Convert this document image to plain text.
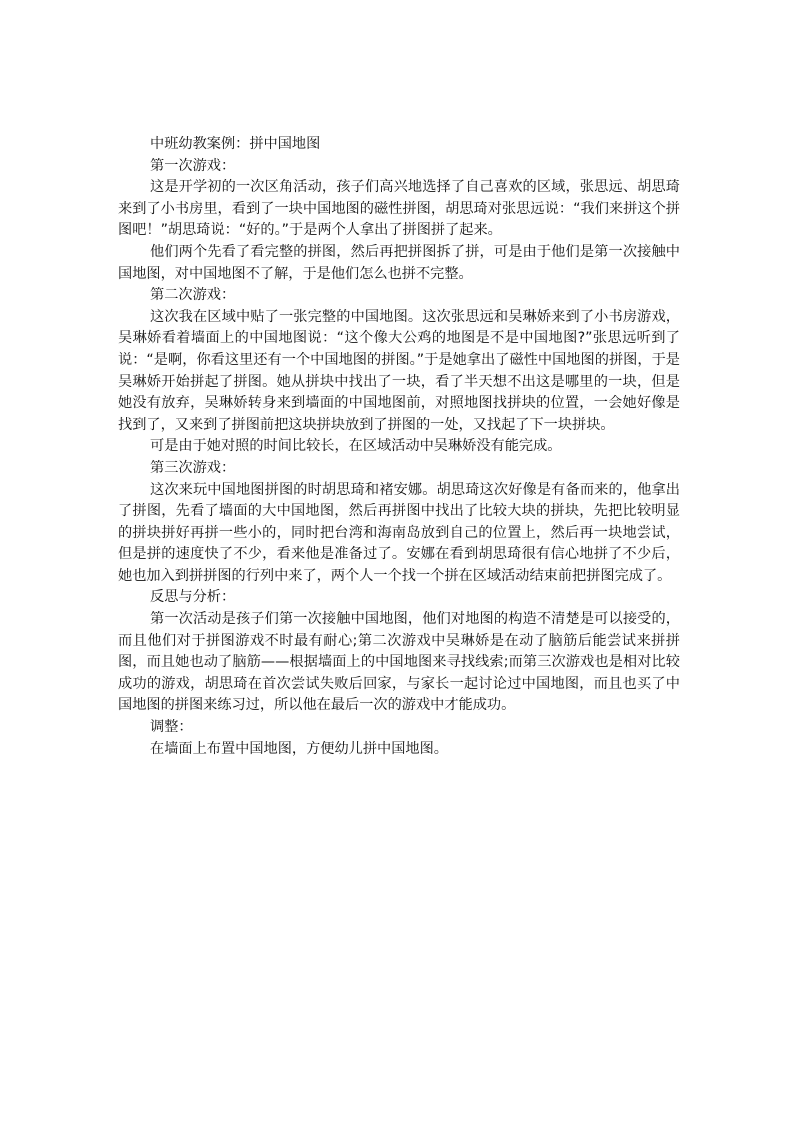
中班幼教案例：拼中国地图

第一次游戏：

这是开学初的一次区角活动，孩子们高兴地选择了自己喜欢的区域，张思远、胡思琦来到了小书房里，看到了一块中国地图的磁性拼图，胡思琦对张思远说：“我们来拼这个拼图吧！”胡思琦说：“好的。”于是两个人拿出了拼图拼了起来。

他们两个先看了看完整的拼图，然后再把拼图拆了拼，可是由于他们是第一次接触中国地图，对中国地图不了解，于是他们怎么也拼不完整。

第二次游戏：

这次我在区域中贴了一张完整的中国地图。这次张思远和吴琳娇来到了小书房游戏，吴琳娇看着墙面上的中国地图说：“这个像大公鸡的地图是不是中国地图?”张思远听到了说：“是啊，你看这里还有一个中国地图的拼图。”于是她拿出了磁性中国地图的拼图，于是吴琳娇开始拼起了拼图。她从拼块中找出了一块，看了半天想不出这是哪里的一块，但是她没有放弃，吴琳娇转身来到墙面的中国地图前，对照地图找拼块的位置，一会她好像是找到了，又来到了拼图前把这块拼块放到了拼图的一处，又找起了下一块拼块。

可是由于她对照的时间比较长，在区域活动中吴琳娇没有能完成。

第三次游戏：

这次来玩中国地图拼图的时胡思琦和褚安娜。胡思琦这次好像是有备而来的，他拿出了拼图，先看了墙面的大中国地图，然后再拼图中找出了比较大块的拼块，先把比较明显的拼块拼好再拼一些小的，同时把台湾和海南岛放到自己的位置上，然后再一块地尝试，但是拼的速度快了不少，看来他是准备过了。安娜在看到胡思琦很有信心地拼了不少后，她也加入到拼拼图的行列中来了，两个人一个找一个拼在区域活动结束前把拼图完成了。

反思与分析：

第一次活动是孩子们第一次接触中国地图，他们对地图的构造不清楚是可以接受的，而且他们对于拼图游戏不时最有耐心;第二次游戏中吴琳娇是在动了脑筋后能尝试来拼拼图，而且她也动了脑筋——根据墙面上的中国地图来寻找线索;而第三次游戏也是相对比较成功的游戏，胡思琦在首次尝试失败后回家，与家长一起讨论过中国地图，而且也买了中国地图的拼图来练习过，所以他在最后一次的游戏中才能成功。

调整：

在墙面上布置中国地图，方便幼儿拼中国地图。
